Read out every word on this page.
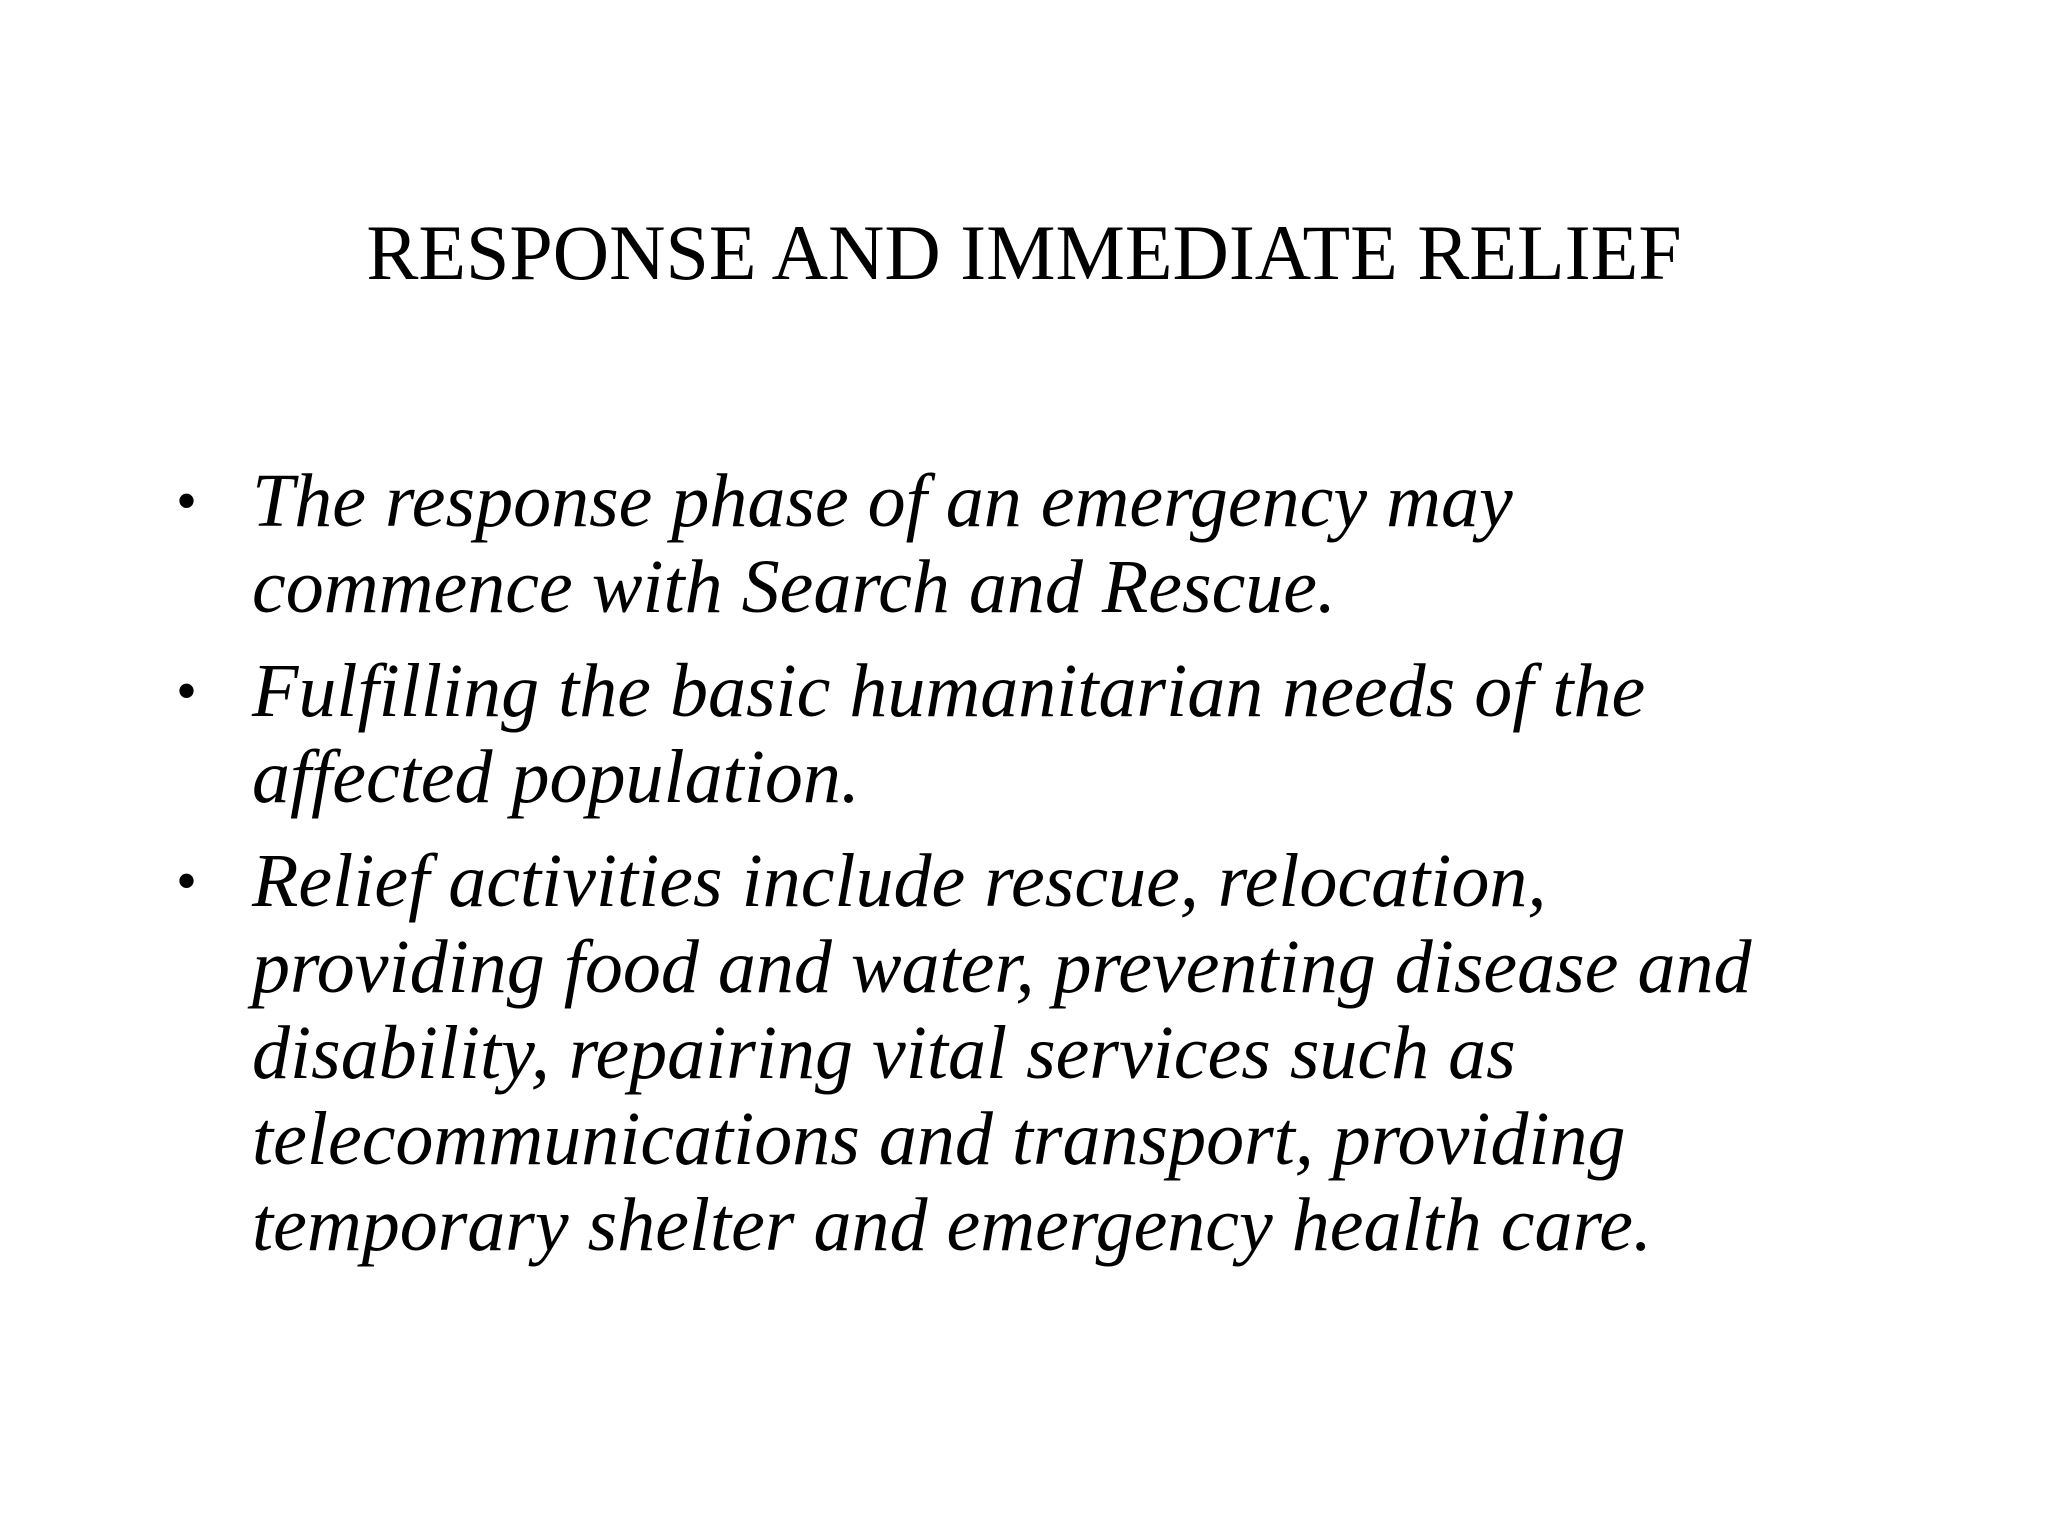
RESPONSE AND IMMEDIATE RELIEF
• The response phase of an emergency may
commence with Search and Rescue.
• Fulfilling the basic humanitarian needs of the
affected population.
• Relief activities include rescue, relocation,
providing food and water, preventing disease and
disability, repairing vital services such as
telecommunications and transport, providing
temporary shelter and emergency health care.
